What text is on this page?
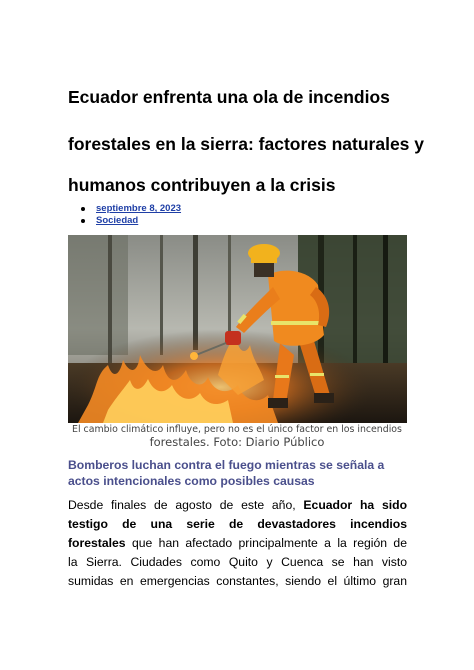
Ecuador enfrenta una ola de incendios
forestales en la sierra: factores naturales y
humanos contribuyen a la crisis
septiembre 8, 2023
Sociedad
El cambio climático influye, pero no es el único factor en los incendios
forestales. Foto: Diario Público
Bomberos luchan contra el fuego mientras se señala a actos intencionales como posibles causas
Desde finales de agosto de este año, Ecuador ha sido
testigo de una serie de devastadores incendios
forestales que han afectado principalmente a la región de
la Sierra. Ciudades como Quito y Cuenca se han visto
sumidas en emergencias constantes, siendo el último gran
